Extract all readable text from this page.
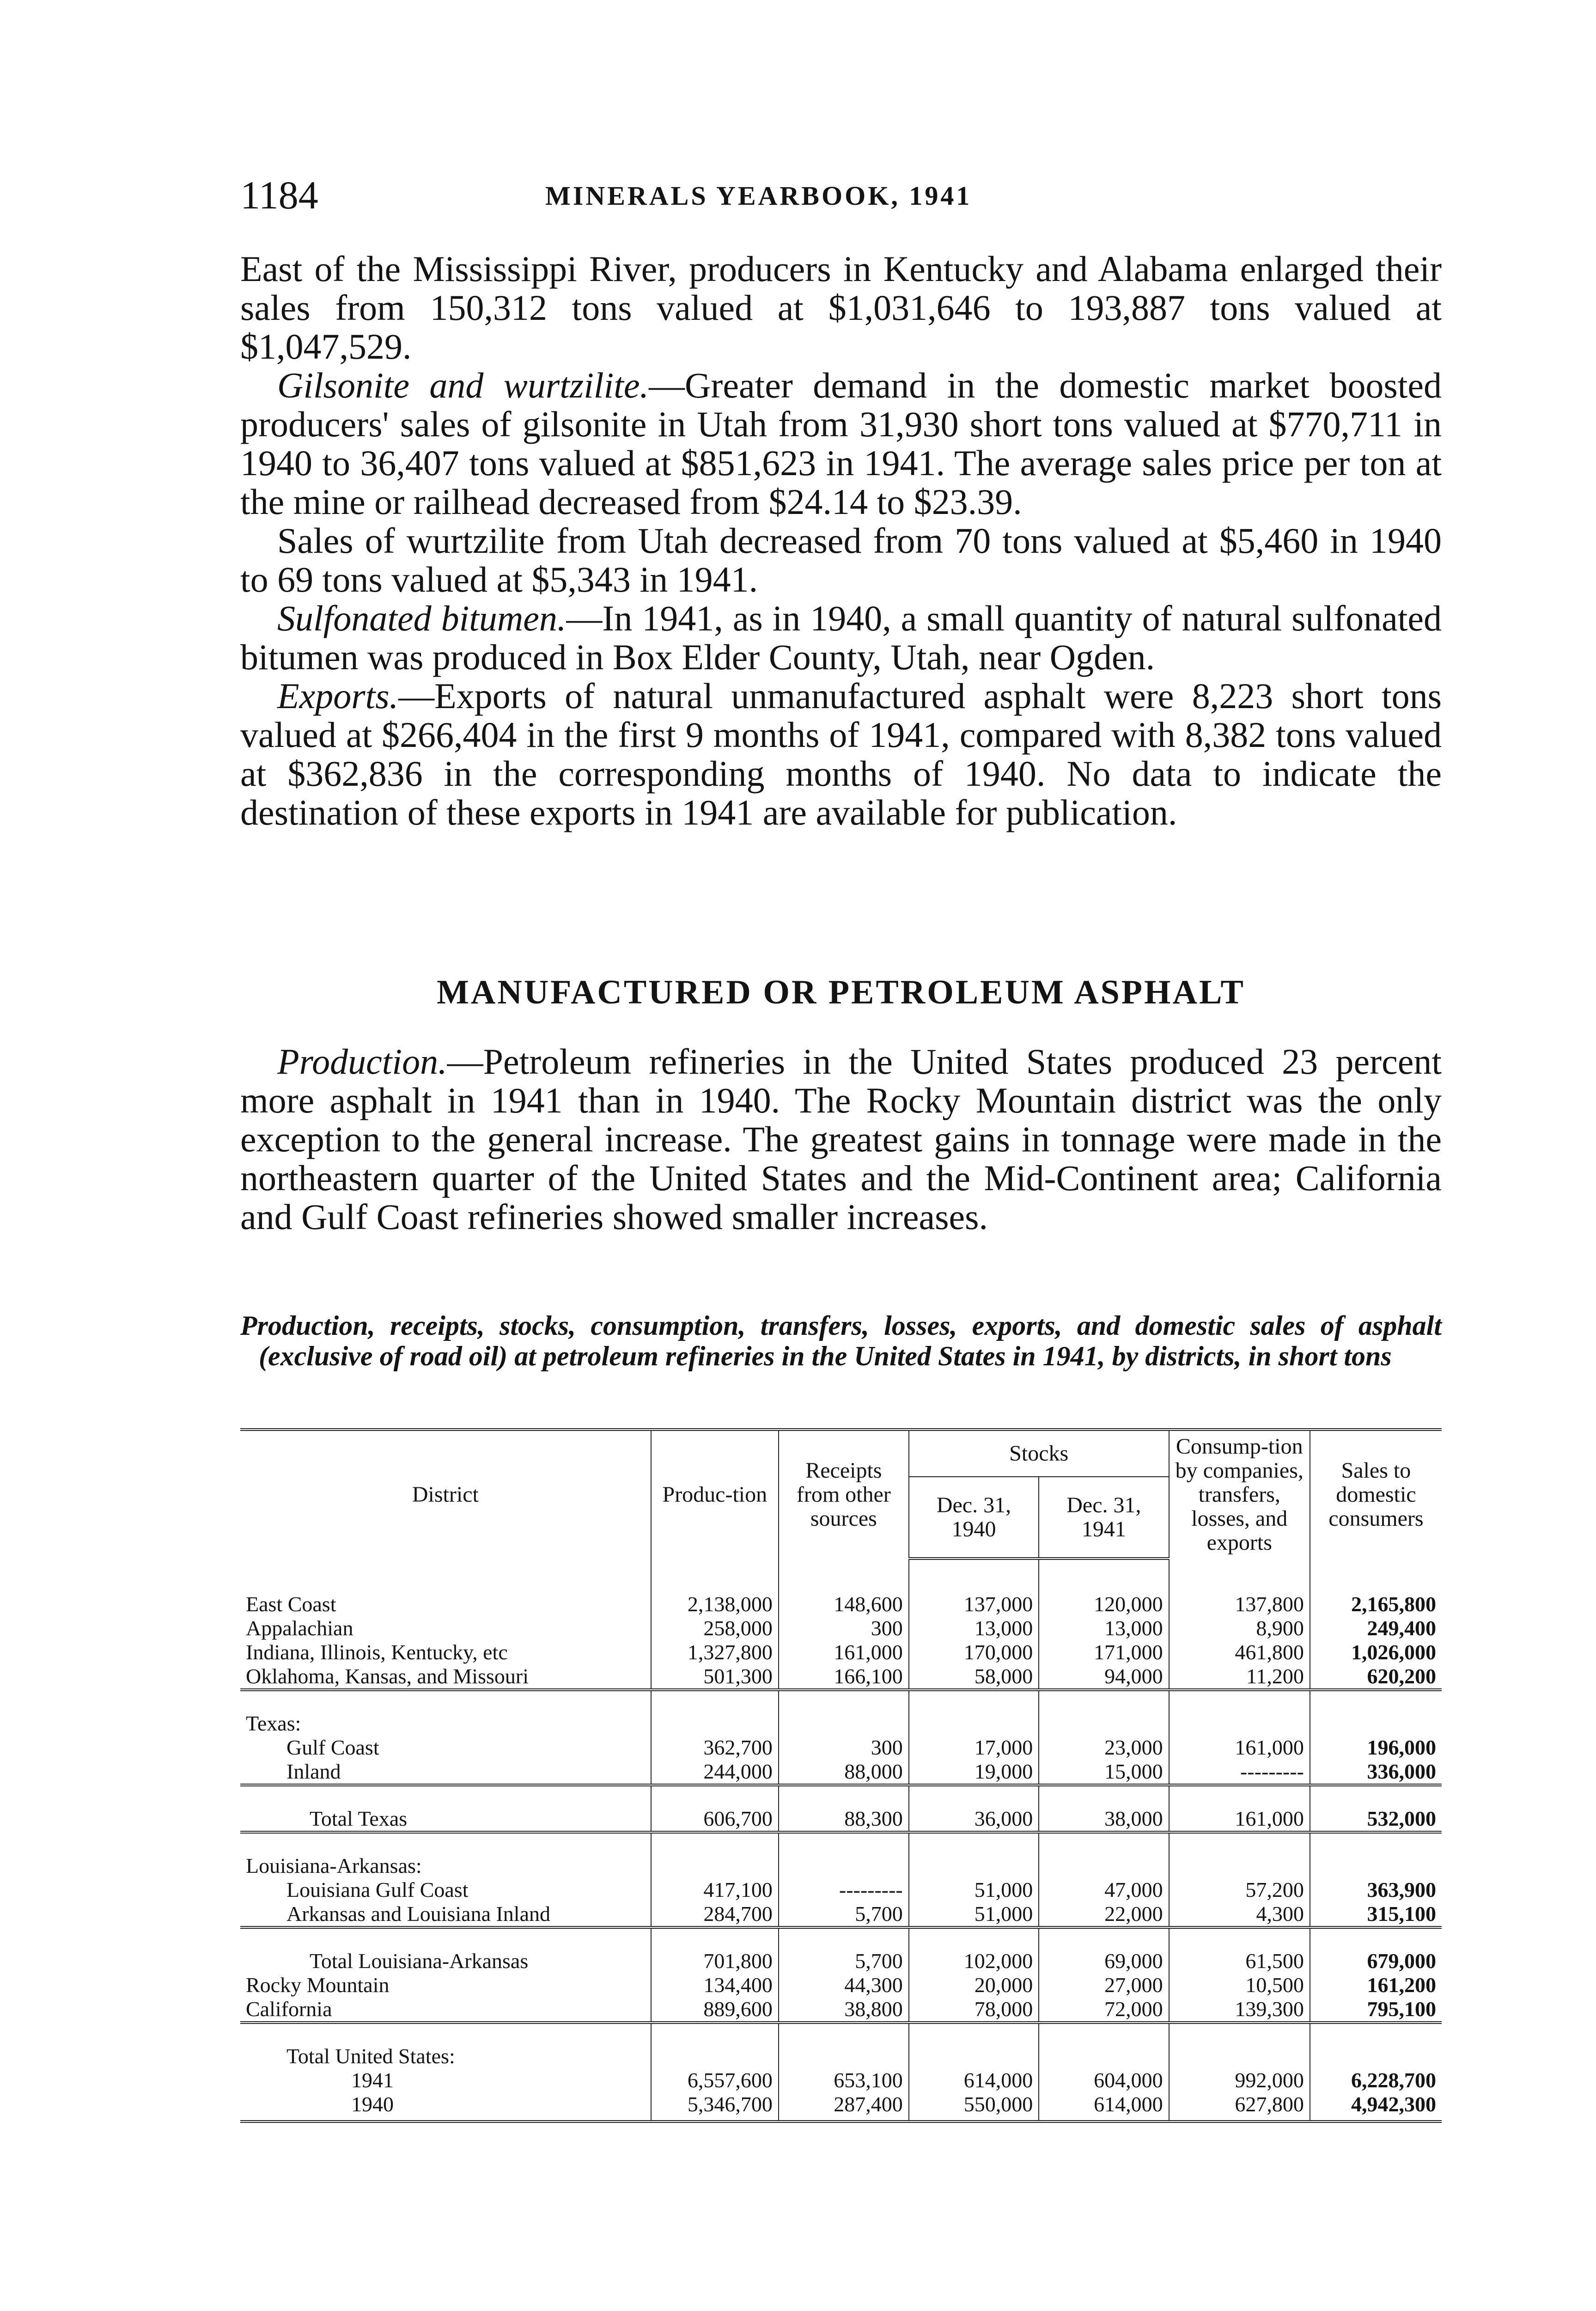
1184	MINERALS YEARBOOK, 1941

East of the Mississippi River, producers in Kentucky and Alabama enlarged their sales from 150,312 tons valued at $1,031,646 to 193,887 tons valued at $1,047,529.

Gilsonite and wurtzilite.—Greater demand in the domestic market boosted producers' sales of gilsonite in Utah from 31,930 short tons valued at $770,711 in 1940 to 36,407 tons valued at $851,623 in 1941. The average sales price per ton at the mine or railhead decreased from $24.14 to $23.39.

Sales of wurtzilite from Utah decreased from 70 tons valued at $5,460 in 1940 to 69 tons valued at $5,343 in 1941.

Sulfonated bitumen.—In 1941, as in 1940, a small quantity of natural sulfonated bitumen was produced in Box Elder County, Utah, near Ogden.

Exports.—Exports of natural unmanufactured asphalt were 8,223 short tons valued at $266,404 in the first 9 months of 1941, compared with 8,382 tons valued at $362,836 in the corresponding months of 1940. No data to indicate the destination of these exports in 1941 are available for publication.

MANUFACTURED OR PETROLEUM ASPHALT

Production.—Petroleum refineries in the United States produced 23 percent more asphalt in 1941 than in 1940. The Rocky Mountain district was the only exception to the general increase. The greatest gains in tonnage were made in the northeastern quarter of the United States and the Mid-Continent area; California and Gulf Coast refineries showed smaller increases.

Production, receipts, stocks, consumption, transfers, losses, exports, and domestic sales of asphalt (exclusive of road oil) at petroleum refineries in the United States in 1941, by districts, in short tons

District	Produc-tion	Receipts from other sources	Stocks		Consump-tion by companies, transfers, losses, and exports	Sales to domestic consumers
			Dec. 31, 1940	Dec. 31, 1941		

East Coast	2,138,000	148,600	137,000	120,000	137,800	2,165,800
Appalachian	258,000	300	13,000	13,000	8,900	249,400
Indiana, Illinois, Kentucky, etc	1,327,800	161,000	170,000	171,000	461,800	1,026,000
Oklahoma, Kansas, and Missouri	501,300	166,100	58,000	94,000	11,200	620,200

Texas:						
Gulf Coast	362,700	300	17,000	23,000	161,000	196,000
Inland	244,000	88,000	19,000	15,000	---------	336,000

Total Texas	606,700	88,300	36,000	38,000	161,000	532,000

Louisiana-Arkansas:						
Louisiana Gulf Coast	417,100	---------	51,000	47,000	57,200	363,900
Arkansas and Louisiana Inland	284,700	5,700	51,000	22,000	4,300	315,100

Total Louisiana-Arkansas	701,800	5,700	102,000	69,000	61,500	679,000
Rocky Mountain	134,400	44,300	20,000	27,000	10,500	161,200
California	889,600	38,800	78,000	72,000	139,300	795,100

Total United States:						
1941	6,557,600	653,100	614,000	604,000	992,000	6,228,700
1940	5,346,700	287,400	550,000	614,000	627,800	4,942,300
